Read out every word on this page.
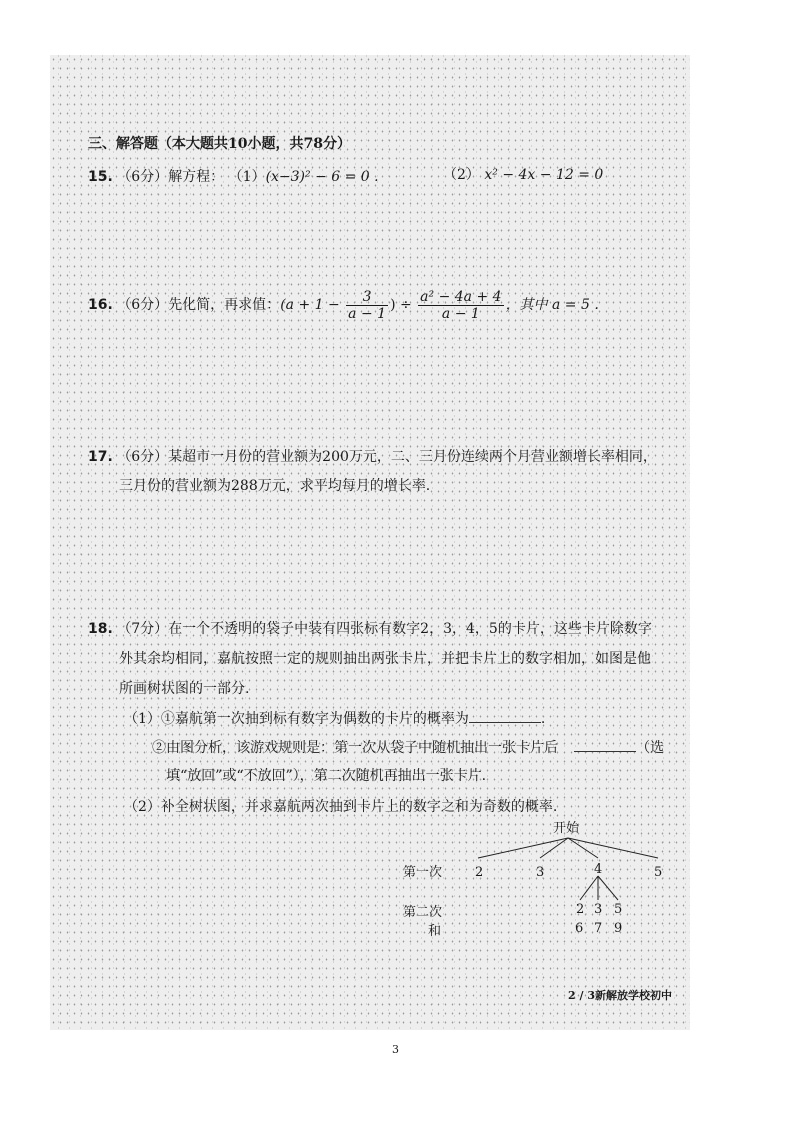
三、解答题（本大题共10小题，共78分）
15. （6分）解方程： （1）(x−3)² − 6 = 0 .	（2） x² − 4x − 12 = 0
16. （6分）先化简，再求值：($a + 1 - \frac{3}{a - 1}$ ) ÷ $\frac{\text{a² − 4a + 4}}{a - 1}$ ，其中 a = 5 .
17. （6分）某超市一月份的营业额为200万元，二、三月份连续两个月营业额增长率相同，
三月份的营业额为288万元，求平均每月的增长率.
18. （7分）在一个不透明的袋子中装有四张标有数字2，3，4，5的卡片，这些卡片除数字
外其余均相同，嘉航按照一定的规则抽出两张卡片，并把卡片上的数字相加，如图是他
所画树状图的一部分.
（1）①嘉航第一次抽到标有数字为偶数的卡片的概率为	.
②由图分析，该游戏规则是：第一次从袋子中随机抽出一张卡片后	（选
填“放回”或“不放回”），第二次随机再抽出一张卡片.
（2）补全树状图，并求嘉航两次抽到卡片上的数字之和为奇数的概率.
开始
第一次	2	3	4	5
第二次	2 3 5
和	6 7 9
2 / 3新解放学校初中
3
